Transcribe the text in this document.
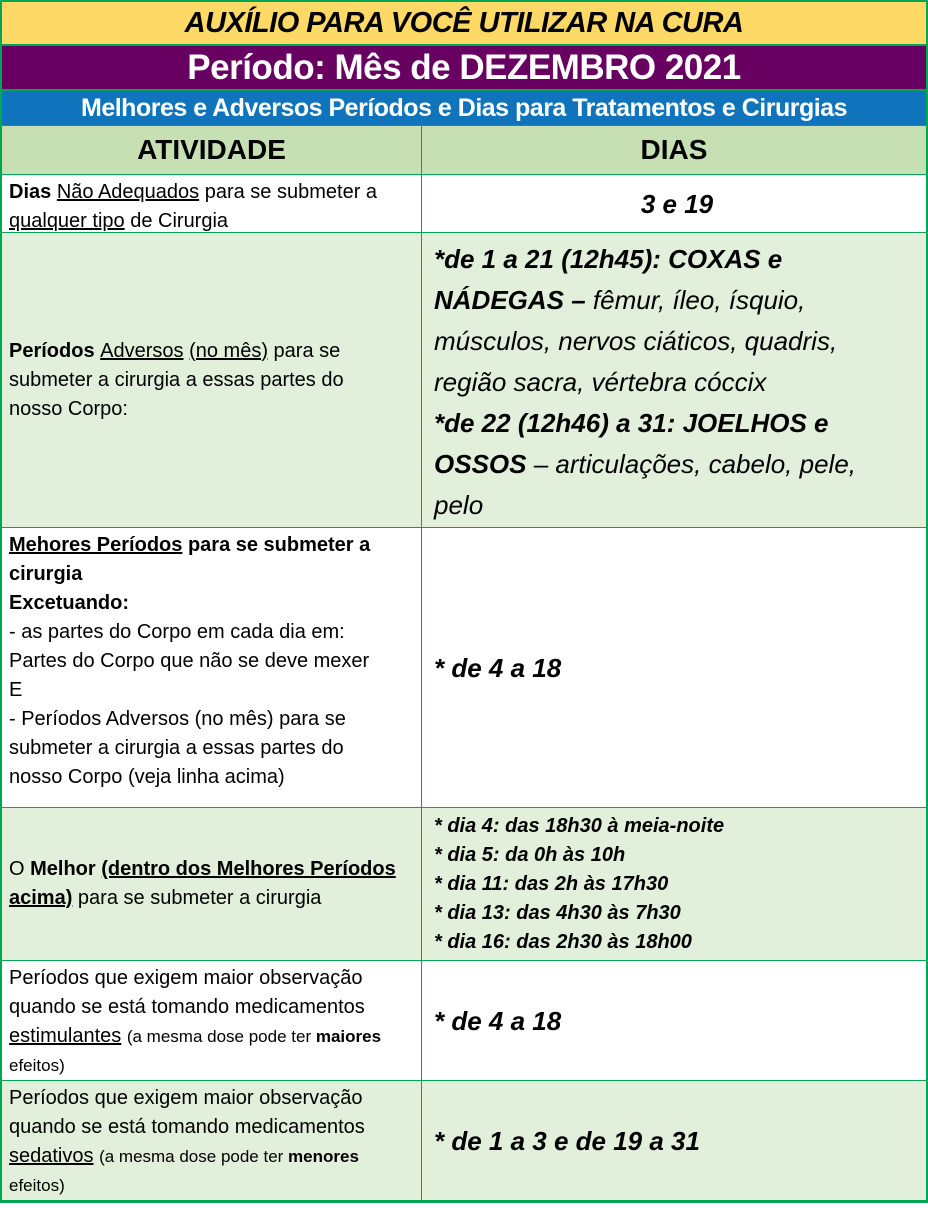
AUXÍLIO PARA VOCÊ UTILIZAR NA CURA
Período: Mês de DEZEMBRO 2021
Melhores e Adversos Períodos e Dias para Tratamentos e Cirurgias
ATIVIDADE	DIAS
Dias Não Adequados para se submeter a
qualquer tipo de Cirurgia
3 e 19
Períodos Adversos (no mês) para se
submeter a cirurgia a essas partes do
nosso Corpo:
*de 1 a 21 (12h45): COXAS e
NÁDEGAS – fêmur, íleo, ísquio,
músculos, nervos ciáticos, quadris,
região sacra, vértebra cóccix
*de 22 (12h46) a 31: JOELHOS e
OSSOS – articulações, cabelo, pele,
pelo
Mehores Períodos para se submeter a
cirurgia
Excetuando:
- as partes do Corpo em cada dia em:
Partes do Corpo que não se deve mexer
E
- Períodos Adversos (no mês) para se
submeter a cirurgia a essas partes do
nosso Corpo (veja linha acima)
* de 4 a 18
O Melhor (dentro dos Melhores Períodos
acima) para se submeter a cirurgia
* dia 4: das 18h30 à meia-noite
* dia 5: da 0h às 10h
* dia 11: das 2h às 17h30
* dia 13: das 4h30 às 7h30
* dia 16: das 2h30 às 18h00
Períodos que exigem maior observação
quando se está tomando medicamentos
estimulantes (a mesma dose pode ter maiores
efeitos)
* de 4 a 18
Períodos que exigem maior observação
quando se está tomando medicamentos
sedativos (a mesma dose pode ter menores
efeitos)
* de 1 a 3 e de 19 a 31
